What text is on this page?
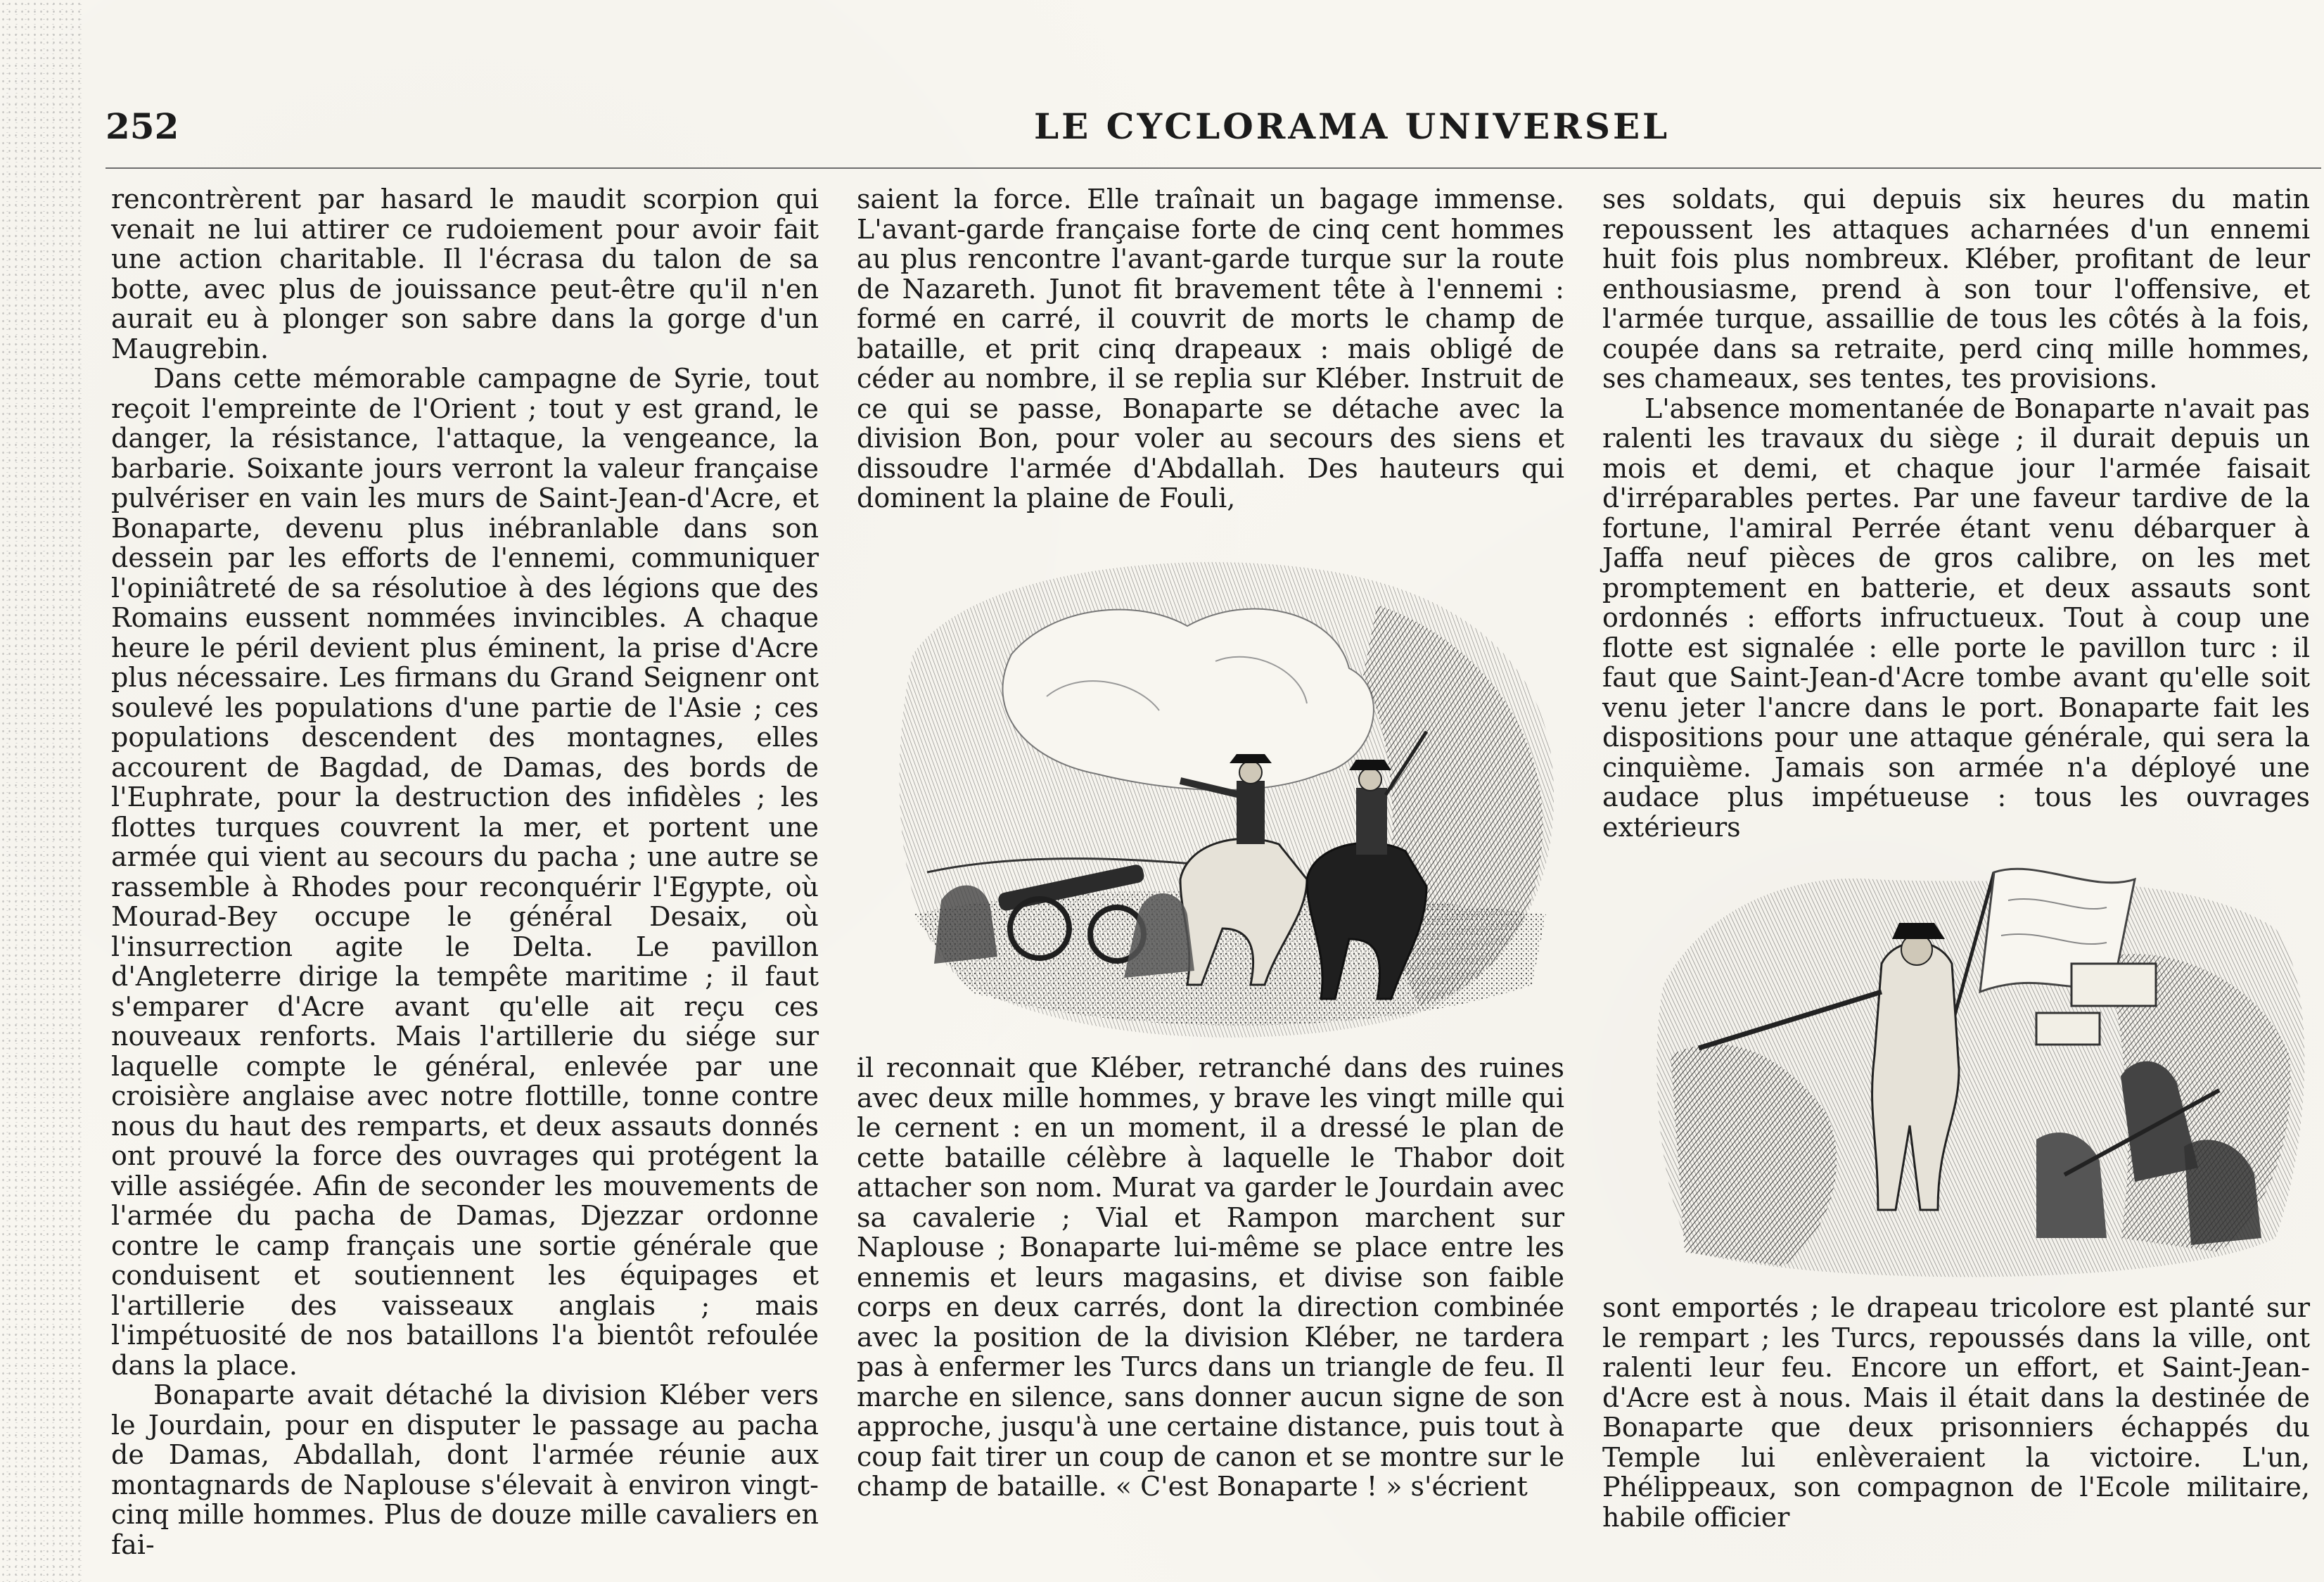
252	LE CYCLORAMA UNIVERSEL

rencontrèrent par hasard le maudit scorpion qui venait ne lui attirer ce rudoiement pour avoir fait une action charitable. Il l'écrasa du talon de sa botte, avec plus de jouissance peut-être qu'il n'en aurait eu à plonger son sabre dans la gorge d'un Maugrebin.

Dans cette mémorable campagne de Syrie, tout reçoit l'empreinte de l'Orient ; tout y est grand, le danger, la résistance, l'attaque, la vengeance, la barbarie. Soixante jours verront la valeur française pulvériser en vain les murs de Saint-Jean-d'Acre, et Bonaparte, devenu plus inébranlable dans son dessein par les efforts de l'ennemi, communiquer l'opiniâtreté de sa résolutioe à des légions que des Romains eussent nommées invincibles. A chaque heure le péril devient plus éminent, la prise d'Acre plus nécessaire. Les firmans du Grand Seignenr ont soulevé les populations d'une partie de l'Asie ; ces populations descendent des montagnes, elles accourent de Bagdad, de Damas, des bords de l'Euphrate, pour la destruction des infidèles ; les flottes turques couvrent la mer, et portent une armée qui vient au secours du pacha ; une autre se rassemble à Rhodes pour reconquérir l'Egypte, où Mourad-Bey occupe le général Desaix, où l'insurrection agite le Delta. Le pavillon d'Angleterre dirige la tempête maritime ; il faut s'emparer d'Acre avant qu'elle ait reçu ces nouveaux renforts. Mais l'artillerie du siége sur laquelle compte le général, enlevée par une croisière anglaise avec notre flottille, tonne contre nous du haut des remparts, et deux assauts donnés ont prouvé la force des ouvrages qui protégent la ville assiégée. Afin de seconder les mouvements de l'armée du pacha de Damas, Djezzar ordonne contre le camp français une sortie générale que conduisent et soutiennent les équipages et l'artillerie des vaisseaux anglais ; mais l'impétuosité de nos bataillons l'a bientôt refoulée dans la place.

Bonaparte avait détaché la division Kléber vers le Jourdain, pour en disputer le passage au pacha de Damas, Abdallah, dont l'armée réunie aux montagnards de Naplouse s'élevait à environ vingt-cinq mille hommes. Plus de douze mille cavaliers en fai-

saient la force. Elle traînait un bagage immense. L'avant-garde française forte de cinq cent hommes au plus rencontre l'avant-garde turque sur la route de Nazareth. Junot fit bravement tête à l'ennemi : formé en carré, il couvrit de morts le champ de bataille, et prit cinq drapeaux : mais obligé de céder au nombre, il se replia sur Kléber. Instruit de ce qui se passe, Bonaparte se détache avec la division Bon, pour voler au secours des siens et dissoudre l'armée d'Abdallah. Des hauteurs qui dominent la plaine de Fouli,

il reconnait que Kléber, retranché dans des ruines avec deux mille hommes, y brave les vingt mille qui le cernent : en un moment, il a dressé le plan de cette bataille célèbre à laquelle le Thabor doit attacher son nom. Murat va garder le Jourdain avec sa cavalerie ; Vial et Rampon marchent sur Naplouse ; Bonaparte lui-même se place entre les ennemis et leurs magasins, et divise son faible corps en deux carrés, dont la direction combinée avec la position de la division Kléber, ne tardera pas à enfermer les Turcs dans un triangle de feu. Il marche en silence, sans donner aucun signe de son approche, jusqu'à une certaine distance, puis tout à coup fait tirer un coup de canon et se montre sur le champ de bataille. « C'est Bonaparte ! » s'écrient

ses soldats, qui depuis six heures du matin repoussent les attaques acharnées d'un ennemi huit fois plus nombreux. Kléber, profitant de leur enthousiasme, prend à son tour l'offensive, et l'armée turque, assaillie de tous les côtés à la fois, coupée dans sa retraite, perd cinq mille hommes, ses chameaux, ses tentes, tes provisions.

L'absence momentanée de Bonaparte n'avait pas ralenti les travaux du siège ; il durait depuis un mois et demi, et chaque jour l'armée faisait d'irréparables pertes. Par une faveur tardive de la fortune, l'amiral Perrée étant venu débarquer à Jaffa neuf pièces de gros calibre, on les met promptement en batterie, et deux assauts sont ordonnés : efforts infructueux. Tout à coup une flotte est signalée : elle porte le pavillon turc : il faut que Saint-Jean-d'Acre tombe avant qu'elle soit venu jeter l'ancre dans le port. Bonaparte fait les dispositions pour une attaque générale, qui sera la cinquième. Jamais son armée n'a déployé une audace plus impétueuse : tous les ouvrages extérieurs

sont emportés ; le drapeau tricolore est planté sur le rempart ; les Turcs, repoussés dans la ville, ont ralenti leur feu. Encore un effort, et Saint-Jean-d'Acre est à nous. Mais il était dans la destinée de Bonaparte que deux prisonniers échappés du Temple lui enlèveraient la victoire. L'un, Phélippeaux, son compagnon de l'Ecole militaire, habile officier
